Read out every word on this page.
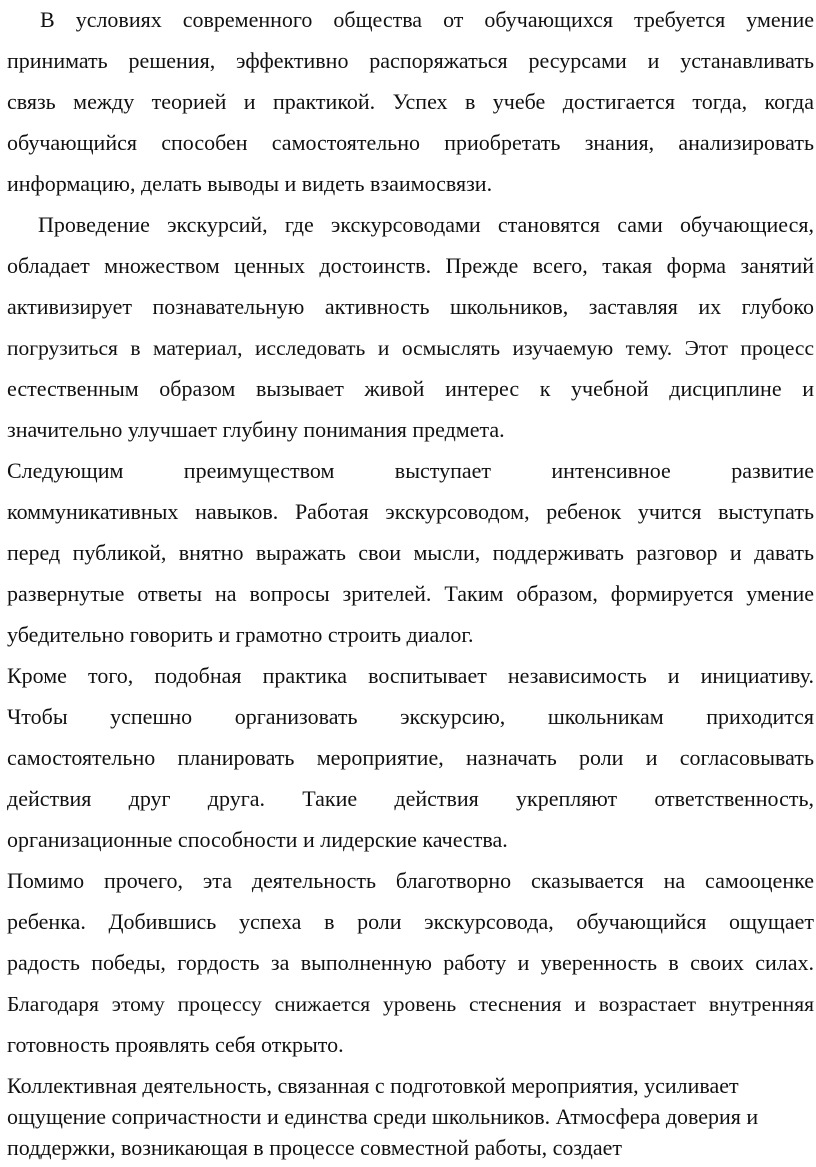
В условиях современного общества от обучающихся требуется умение
принимать решения, эффективно распоряжаться ресурсами и устанавливать
связь между теорией и практикой. Успех в учебе достигается тогда, когда
обучающийся способен самостоятельно приобретать знания, анализировать
информацию, делать выводы и видеть взаимосвязи.
Проведение экскурсий, где экскурсоводами становятся сами обучающиеся,
обладает множеством ценных достоинств. Прежде всего, такая форма занятий
активизирует познавательную активность школьников, заставляя их глубоко
погрузиться в материал, исследовать и осмыслять изучаемую тему. Этот процесс
естественным образом вызывает живой интерес к учебной дисциплине и
значительно улучшает глубину понимания предмета.
Следующим преимуществом выступает интенсивное развитие
коммуникативных навыков. Работая экскурсоводом, ребенок учится выступать
перед публикой, внятно выражать свои мысли, поддерживать разговор и давать
развернутые ответы на вопросы зрителей. Таким образом, формируется умение
убедительно говорить и грамотно строить диалог.
Кроме того, подобная практика воспитывает независимость и инициативу.
Чтобы успешно организовать экскурсию, школьникам приходится
самостоятельно планировать мероприятие, назначать роли и согласовывать
действия друг друга. Такие действия укрепляют ответственность,
организационные способности и лидерские качества.
Помимо прочего, эта деятельность благотворно сказывается на самооценке
ребенка. Добившись успеха в роли экскурсовода, обучающийся ощущает
радость победы, гордость за выполненную работу и уверенность в своих силах.
Благодаря этому процессу снижается уровень стеснения и возрастает внутренняя
готовность проявлять себя открыто.
Коллективная деятельность, связанная с подготовкой мероприятия, усиливает
ощущение сопричастности и единства среди школьников. Атмосфера доверия и
поддержки, возникающая в процессе совместной работы, создает
